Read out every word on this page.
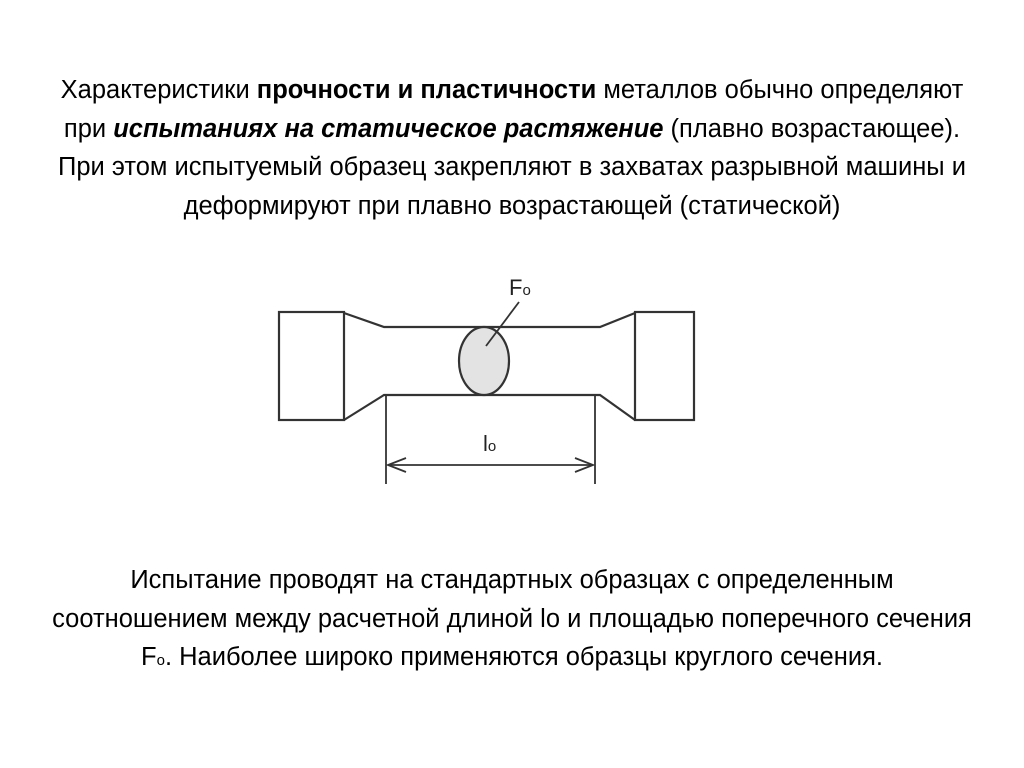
Характеристики прочности и пластичности металлов обычно определяют при испытаниях на статическое растяжение (плавно возрастающее). При этом испытуемый образец закрепляют в захватах разрывной машины и деформируют при плавно возрастающей (статической)
Fo
lo
Испытание проводят на стандартных образцах с определенным соотношением между расчетной длиной lo и площадью поперечного сечения Fo. Наиболее широко применяются образцы круглого сечения.
